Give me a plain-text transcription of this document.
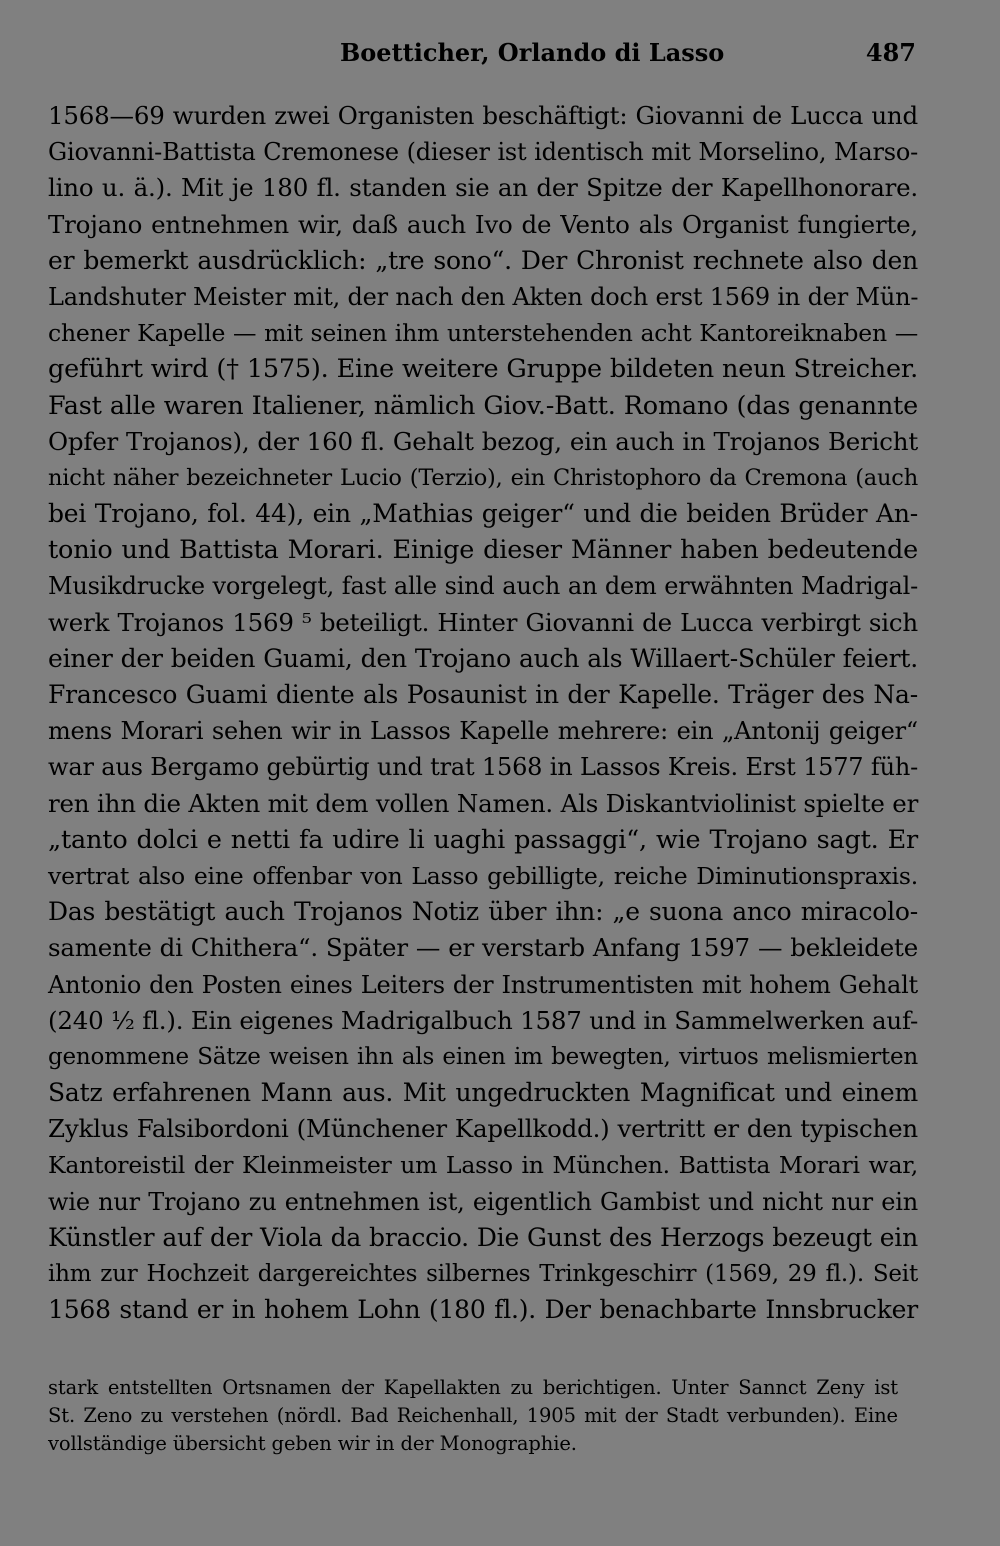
Boetticher, Orlando di Lasso	487
1568—69 wurden zwei Organisten beschäftigt: Giovanni de Lucca und
Giovanni-Battista Cremonese (dieser ist identisch mit Morselino, Marso-
lino u. ä.). Mit je 180 fl. standen sie an der Spitze der Kapellhonorare.
Trojano entnehmen wir, daß auch Ivo de Vento als Organist fungierte,
er bemerkt ausdrücklich: „tre sono“. Der Chronist rechnete also den
Landshuter Meister mit, der nach den Akten doch erst 1569 in der Mün-
chener Kapelle — mit seinen ihm unterstehenden acht Kantoreiknaben —
geführt wird († 1575). Eine weitere Gruppe bildeten neun Streicher.
Fast alle waren Italiener, nämlich Giov.-Batt. Romano (das genannte
Opfer Trojanos), der 160 fl. Gehalt bezog, ein auch in Trojanos Bericht
nicht näher bezeichneter Lucio (Terzio), ein Christophoro da Cremona (auch
bei Trojano, fol. 44), ein „Mathias geiger“ und die beiden Brüder An-
tonio und Battista Morari. Einige dieser Männer haben bedeutende
Musikdrucke vorgelegt, fast alle sind auch an dem erwähnten Madrigal-
werk Trojanos 1569 ⁵ beteiligt. Hinter Giovanni de Lucca verbirgt sich
einer der beiden Guami, den Trojano auch als Willaert-Schüler feiert.
Francesco Guami diente als Posaunist in der Kapelle. Träger des Na-
mens Morari sehen wir in Lassos Kapelle mehrere: ein „Antonij geiger“
war aus Bergamo gebürtig und trat 1568 in Lassos Kreis. Erst 1577 füh-
ren ihn die Akten mit dem vollen Namen. Als Diskantviolinist spielte er
„tanto dolci e netti fa udire li uaghi passaggi“, wie Trojano sagt. Er
vertrat also eine offenbar von Lasso gebilligte, reiche Diminutionspraxis.
Das bestätigt auch Trojanos Notiz über ihn: „e suona anco miracolo-
samente di Chithera“. Später — er verstarb Anfang 1597 — bekleidete
Antonio den Posten eines Leiters der Instrumentisten mit hohem Gehalt
(240 ½ fl.). Ein eigenes Madrigalbuch 1587 und in Sammelwerken auf-
genommene Sätze weisen ihn als einen im bewegten, virtuos melismierten
Satz erfahrenen Mann aus. Mit ungedruckten Magnificat und einem
Zyklus Falsibordoni (Münchener Kapellkodd.) vertritt er den typischen
Kantoreistil der Kleinmeister um Lasso in München. Battista Morari war,
wie nur Trojano zu entnehmen ist, eigentlich Gambist und nicht nur ein
Künstler auf der Viola da braccio. Die Gunst des Herzogs bezeugt ein
ihm zur Hochzeit dargereichtes silbernes Trinkgeschirr (1569, 29 fl.). Seit
1568 stand er in hohem Lohn (180 fl.). Der benachbarte Innsbrucker
stark entstellten Ortsnamen der Kapellakten zu berichtigen. Unter Sannct Zeny ist
St. Zeno zu verstehen (nördl. Bad Reichenhall, 1905 mit der Stadt verbunden). Eine
vollständige übersicht geben wir in der Monographie.
